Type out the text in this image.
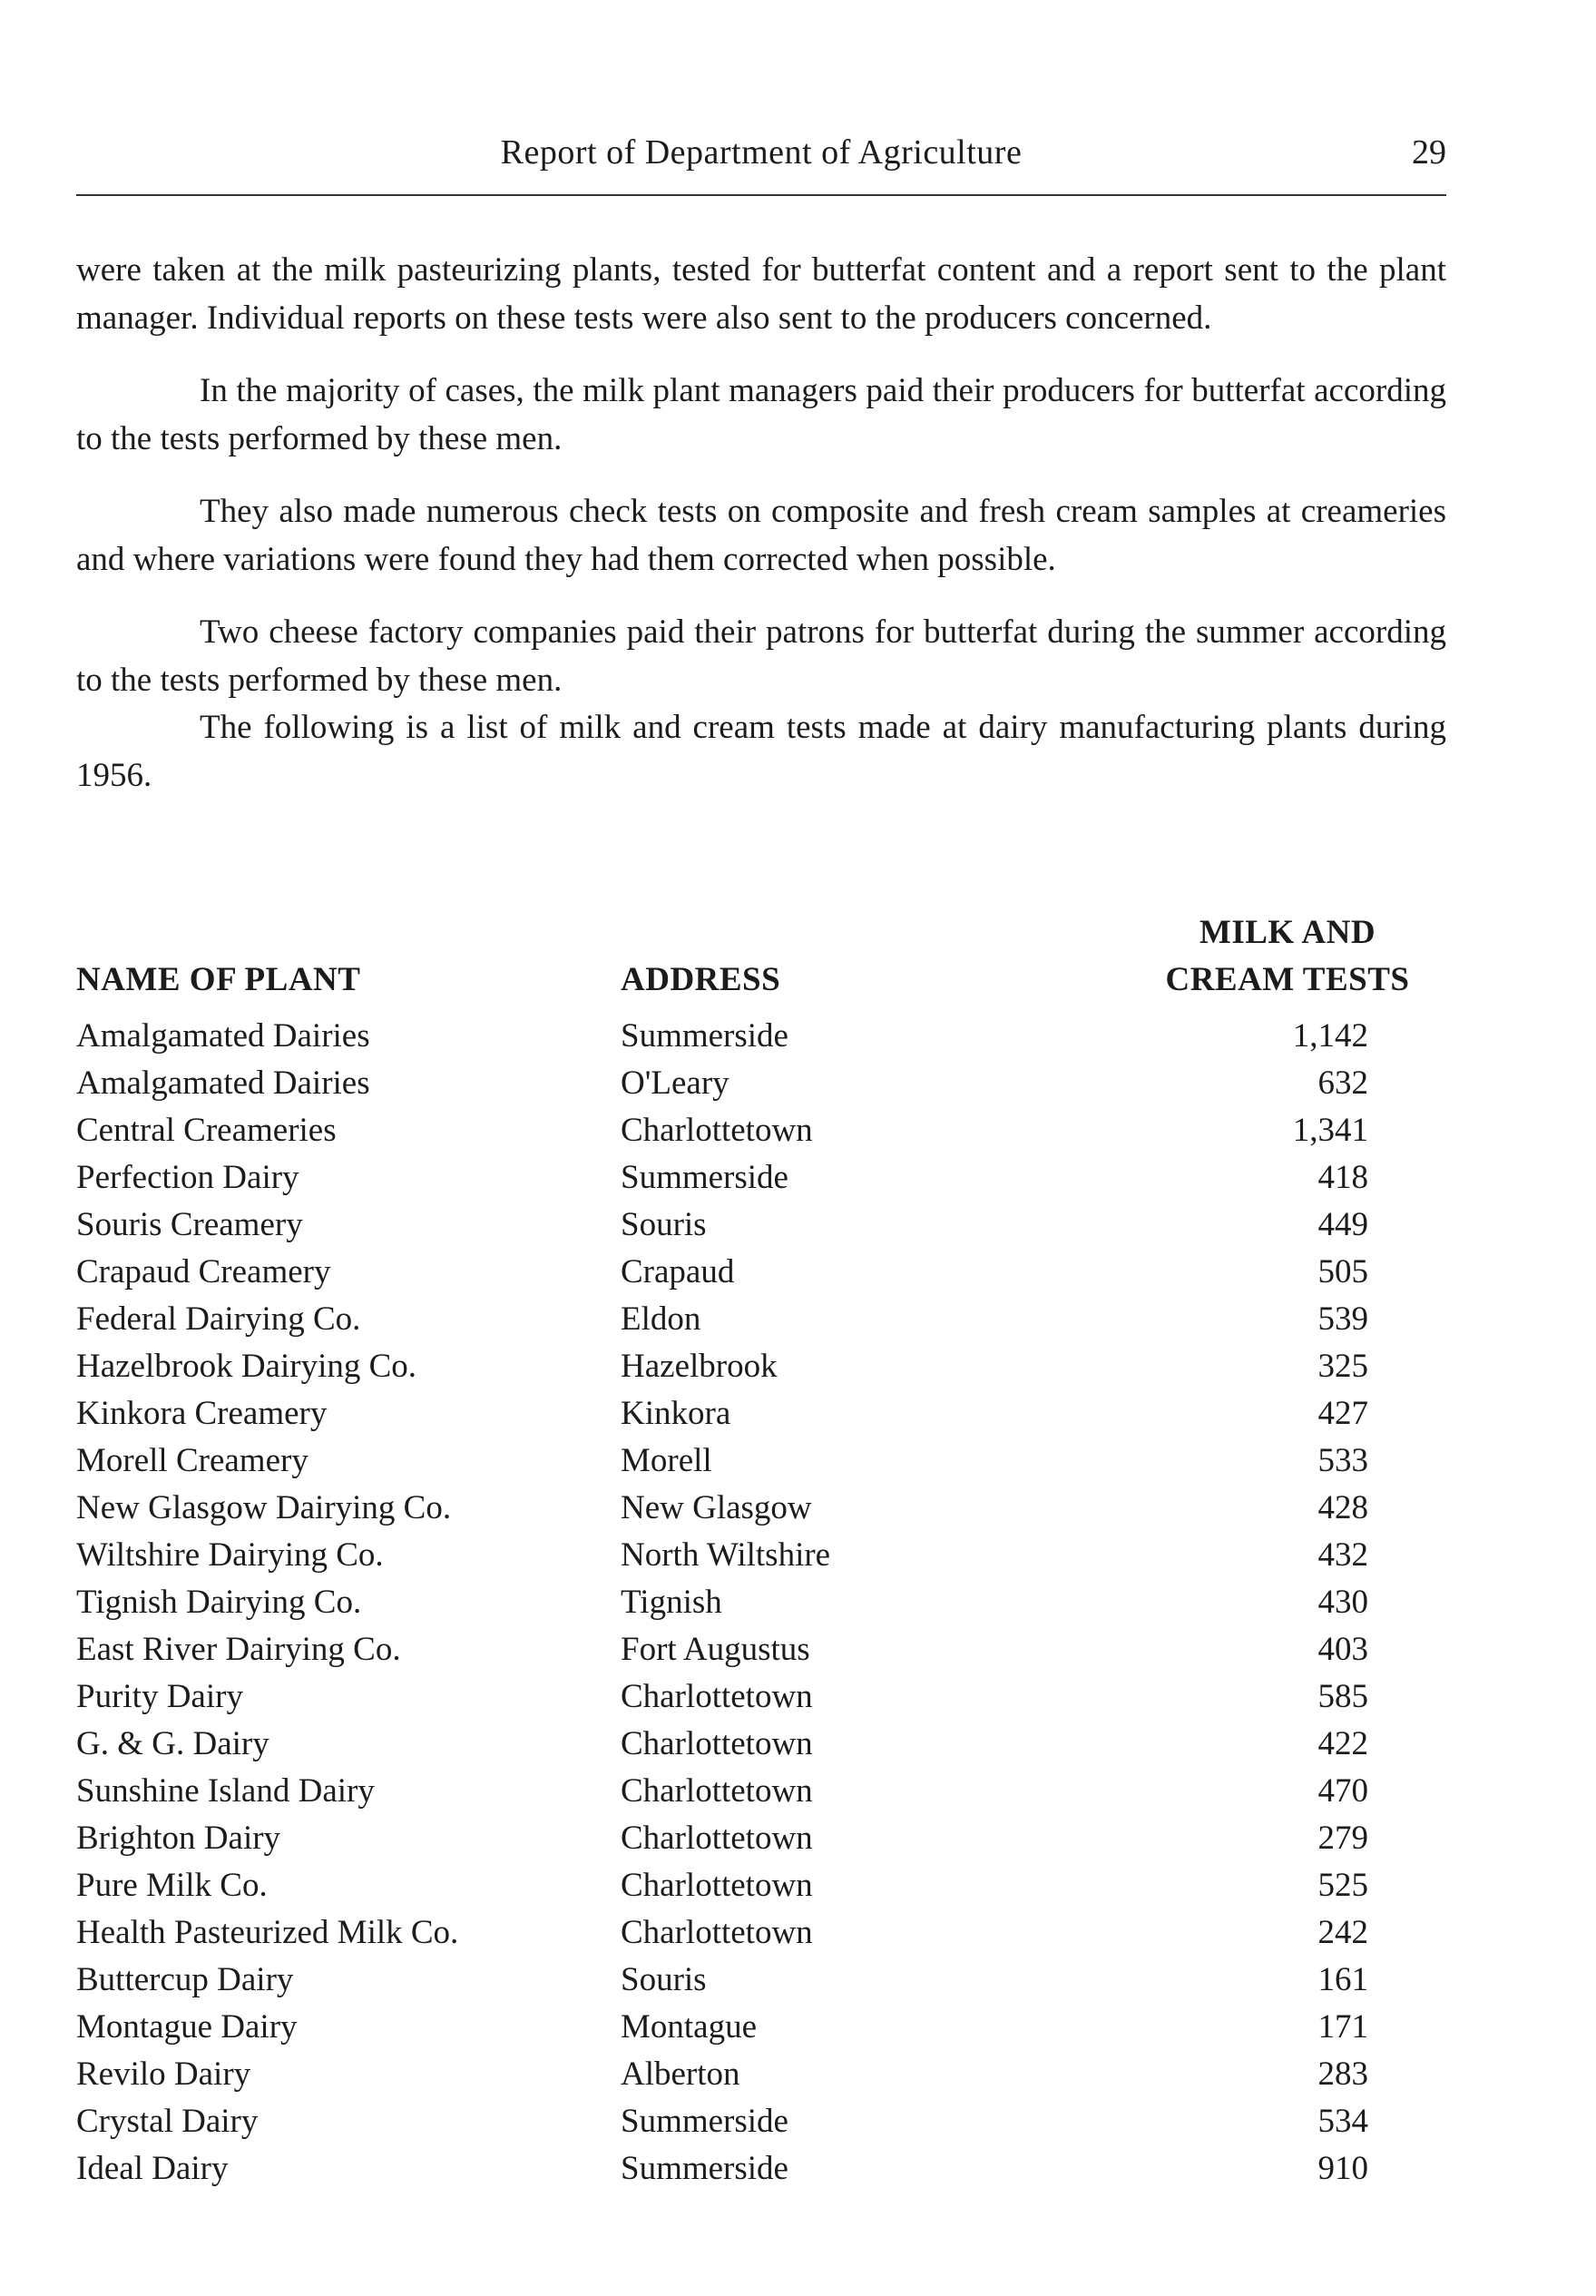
Report of Department of Agriculture	29

were taken at the milk pasteurizing plants, tested for butterfat content and a report sent to the plant manager. Individual reports on these tests were also sent to the producers concerned.

In the majority of cases, the milk plant managers paid their producers for butterfat according to the tests performed by these men.

They also made numerous check tests on composite and fresh cream samples at creameries and where variations were found they had them corrected when possible.

Two cheese factory companies paid their patrons for butterfat during the summer according to the tests performed by these men.

The following is a list of milk and cream tests made at dairy manufacturing plants during 1956.

NAME OF PLANT	ADDRESS	MILK AND
CREAM TESTS

Amalgamated Dairies	Summerside	1,142
Amalgamated Dairies	O'Leary	632
Central Creameries	Charlottetown	1,341
Perfection Dairy	Summerside	418
Souris Creamery	Souris	449
Crapaud Creamery	Crapaud	505
Federal Dairying Co.	Eldon	539
Hazelbrook Dairying Co.	Hazelbrook	325
Kinkora Creamery	Kinkora	427
Morell Creamery	Morell	533
New Glasgow Dairying Co.	New Glasgow	428
Wiltshire Dairying Co.	North Wiltshire	432
Tignish Dairying Co.	Tignish	430
East River Dairying Co.	Fort Augustus	403
Purity Dairy	Charlottetown	585
G. & G. Dairy	Charlottetown	422
Sunshine Island Dairy	Charlottetown	470
Brighton Dairy	Charlottetown	279
Pure Milk Co.	Charlottetown	525
Health Pasteurized Milk Co.	Charlottetown	242
Buttercup Dairy	Souris	161
Montague Dairy	Montague	171
Revilo Dairy	Alberton	283
Crystal Dairy	Summerside	534
Ideal Dairy	Summerside	910
